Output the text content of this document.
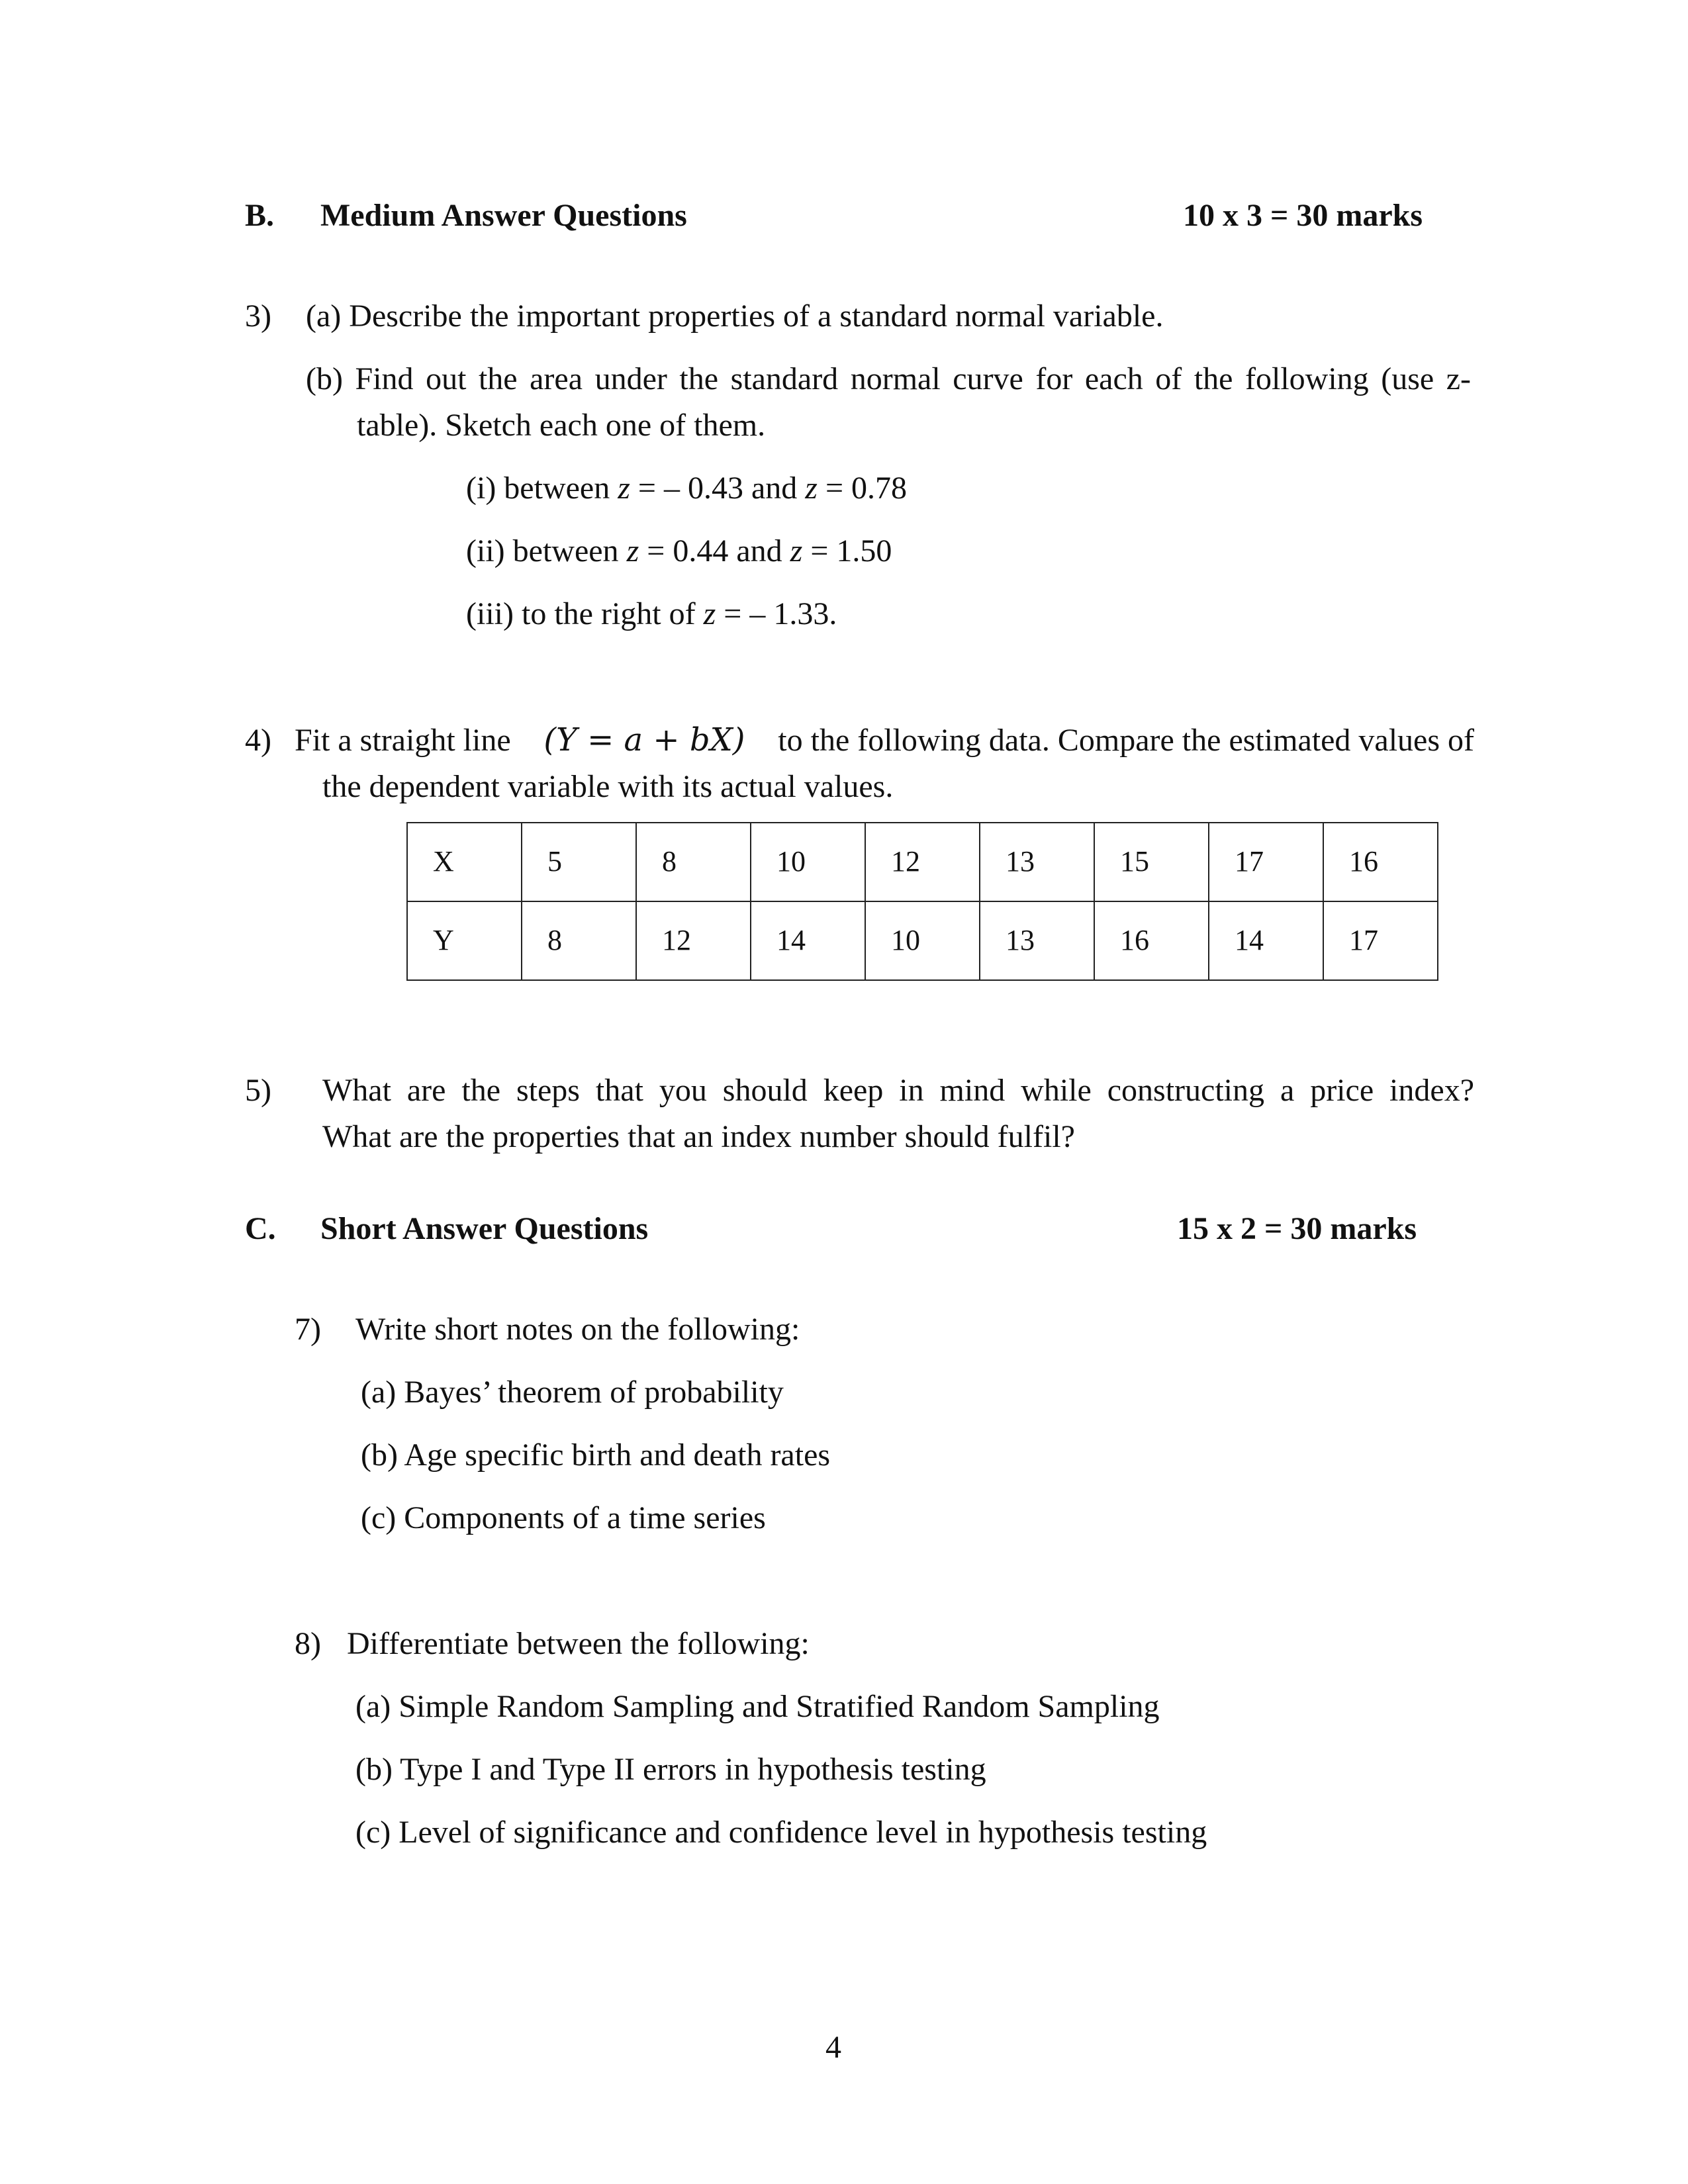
B. Medium Answer Questions	10 x 3 = 30 marks
3) (a) Describe the important properties of a standard normal variable.
(b) Find out the area under the standard normal curve for each of the following (use z-
table). Sketch each one of them.
(i) between z = – 0.43 and z = 0.78
(ii) between z = 0.44 and z = 1.50
(iii) to the right of z = – 1.33.
4) Fit a straight line (Y = a + bX) to the following data. Compare the estimated values of
the dependent variable with its actual values.
X	5	8	10	12	13	15	17	16
Y	8	12	14	10	13	16	14	17
5) What are the steps that you should keep in mind while constructing a price index?
What are the properties that an index number should fulfil?
C. Short Answer Questions	15 x 2 = 30 marks
7) Write short notes on the following:
(a) Bayes’ theorem of probability
(b) Age specific birth and death rates
(c) Components of a time series
8) Differentiate between the following:
(a) Simple Random Sampling and Stratified Random Sampling
(b) Type I and Type II errors in hypothesis testing
(c) Level of significance and confidence level in hypothesis testing
4
